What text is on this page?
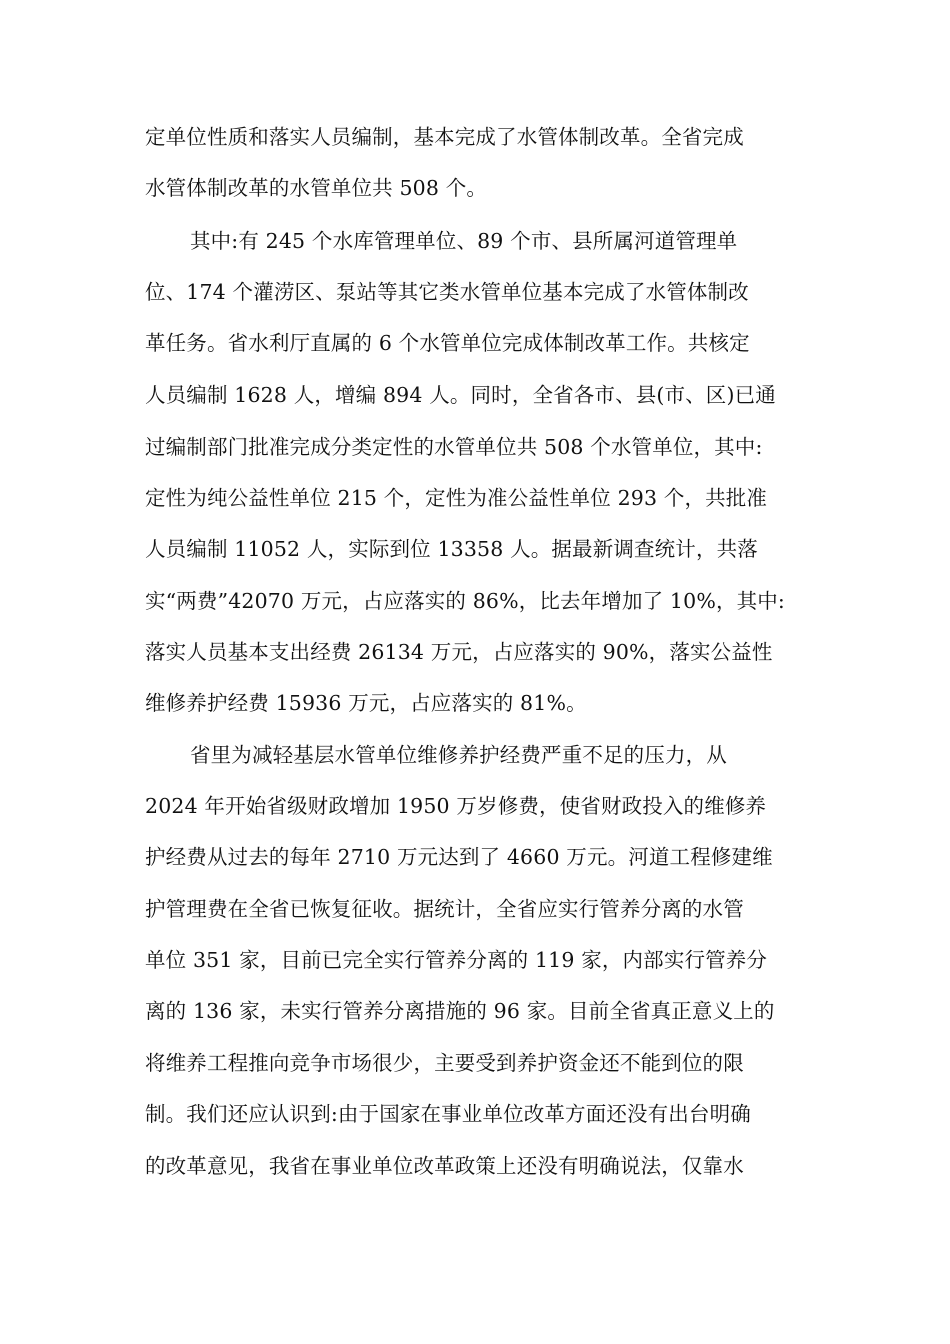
定单位性质和落实人员编制，基本完成了水管体制改革。全省完成
水管体制改革的水管单位共 508 个。
其中:有 245 个水库管理单位、89 个市、县所属河道管理单
位、174 个灌涝区、泵站等其它类水管单位基本完成了水管体制改
革任务。省水利厅直属的 6 个水管单位完成体制改革工作。共核定
人员编制 1628 人，增编 894 人。同时，全省各市、县(市、区)已通
过编制部门批准完成分类定性的水管单位共 508 个水管单位，其中:
定性为纯公益性单位 215 个，定性为准公益性单位 293 个，共批准
人员编制 11052 人，实际到位 13358 人。据最新调查统计，共落
实“两费”42070 万元，占应落实的 86%，比去年增加了 10%，其中:
落实人员基本支出经费 26134 万元，占应落实的 90%，落实公益性
维修养护经费 15936 万元，占应落实的 81%。
省里为减轻基层水管单位维修养护经费严重不足的压力，从
2024 年开始省级财政增加 1950 万岁修费，使省财政投入的维修养
护经费从过去的每年 2710 万元达到了 4660 万元。河道工程修建维
护管理费在全省已恢复征收。据统计，全省应实行管养分离的水管
单位 351 家，目前已完全实行管养分离的 119 家，内部实行管养分
离的 136 家，未实行管养分离措施的 96 家。目前全省真正意义上的
将维养工程推向竞争市场很少，主要受到养护资金还不能到位的限
制。我们还应认识到:由于国家在事业单位改革方面还没有出台明确
的改革意见，我省在事业单位改革政策上还没有明确说法，仅靠水
